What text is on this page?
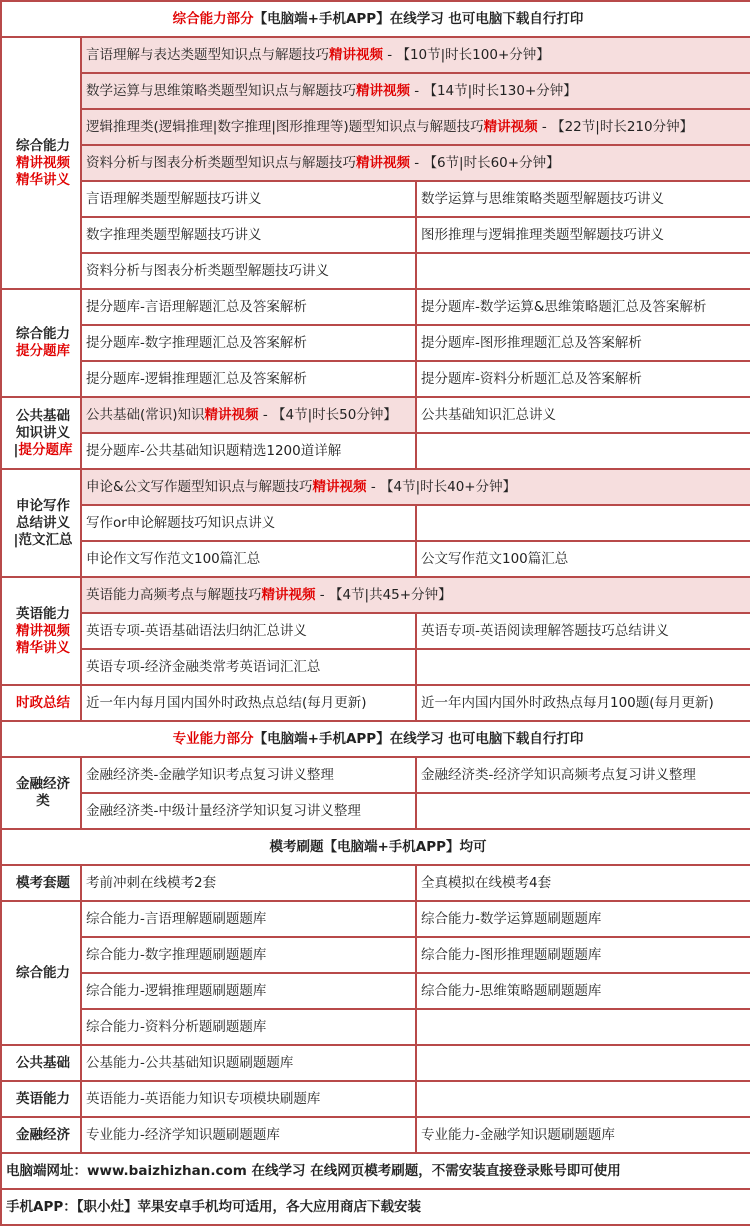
综合能力部分【电脑端+手机APP】在线学习 也可电脑下载自行打印		

综合能力
精讲视频
精华讲义	言语理解与表达类题型知识点与解题技巧精讲视频 - 【10节|时长100+分钟】	
	数学运算与思维策略类题型知识点与解题技巧精讲视频 - 【14节|时长130+分钟】	
	逻辑推理类(逻辑推理|数字推理|图形推理等)题型知识点与解题技巧精讲视频 - 【22节|时长210分钟】	
	资料分析与图表分析类题型知识点与解题技巧精讲视频 - 【6节|时长60+分钟】	
	言语理解类题型解题技巧讲义	数学运算与思维策略类题型解题技巧讲义
	数字推理类题型解题技巧讲义	图形推理与逻辑推理类题型解题技巧讲义
	资料分析与图表分析类题型解题技巧讲义	

综合能力
提分题库	提分题库-言语理解题汇总及答案解析	提分题库-数学运算&思维策略题汇总及答案解析
	提分题库-数字推理题汇总及答案解析	提分题库-图形推理题汇总及答案解析
	提分题库-逻辑推理题汇总及答案解析	提分题库-资料分析题汇总及答案解析

公共基础
知识讲义
|提分题库	公共基础(常识)知识精讲视频 - 【4节|时长50分钟】	公共基础知识汇总讲义
	提分题库-公共基础知识题精选1200道详解	

申论写作
总结讲义
|范文汇总	申论&公文写作题型知识点与解题技巧精讲视频 - 【4节|时长40+分钟】	
	写作or申论解题技巧知识点讲义	
	申论作文写作范文100篇汇总	公文写作范文100篇汇总

英语能力
精讲视频
精华讲义	英语能力高频考点与解题技巧精讲视频 - 【4节|共45+分钟】	
	英语专项-英语基础语法归纳汇总讲义	英语专项-英语阅读理解答题技巧总结讲义
	英语专项-经济金融类常考英语词汇汇总	
时政总结	近一年内每月国内国外时政热点总结(每月更新)	近一年内国内国外时政热点每月100题(每月更新)
专业能力部分【电脑端+手机APP】在线学习 也可电脑下载自行打印		

金融经济
类	金融经济类-金融学知识考点复习讲义整理	金融经济类-经济学知识高频考点复习讲义整理
	金融经济类-中级计量经济学知识复习讲义整理	
模考刷题【电脑端+手机APP】均可		
模考套题	考前冲刺在线模考2套	全真模拟在线模考4套
综合能力	综合能力-言语理解题刷题题库	综合能力-数学运算题刷题题库
	综合能力-数字推理题刷题题库	综合能力-图形推理题刷题题库
	综合能力-逻辑推理题刷题题库	综合能力-思维策略题刷题题库
	综合能力-资料分析题刷题题库	
公共基础	公基能力-公共基础知识题刷题题库	
英语能力	英语能力-英语能力知识专项模块刷题库	
金融经济	专业能力-经济学知识题刷题题库	专业能力-金融学知识题刷题题库
电脑端网址：www.baizhizhan.com 在线学习 在线网页模考刷题，不需安装直接登录账号即可使用		
手机APP：【职小灶】苹果安卓手机均可适用，各大应用商店下载安装		
